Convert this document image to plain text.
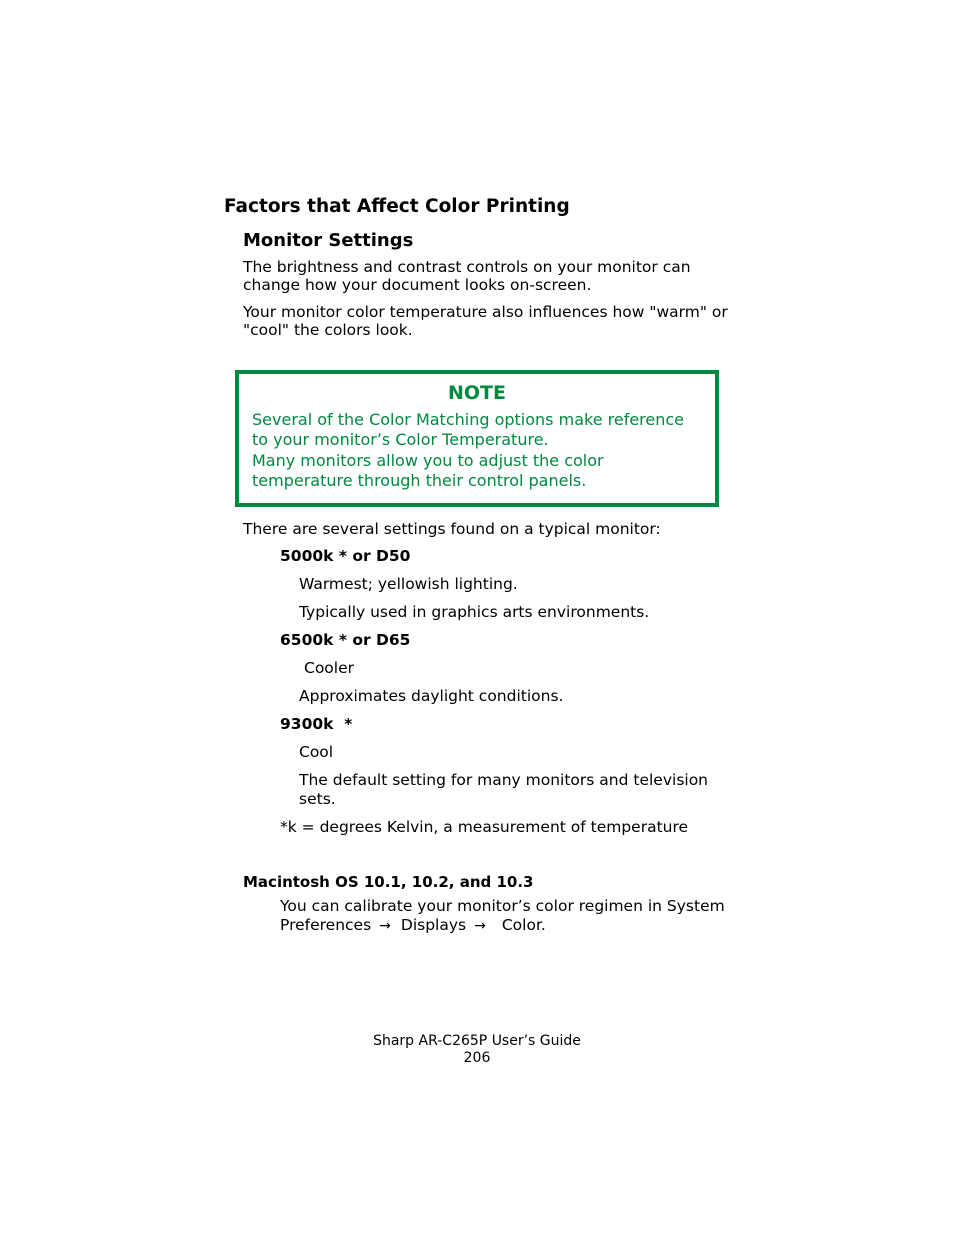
Factors that Affect Color Printing
Monitor Settings
The brightness and contrast controls on your monitor can
change how your document looks on-screen.
Your monitor color temperature also influences how "warm" or
"cool" the colors look.
NOTE
Several of the Color Matching options make reference
to your monitor’s Color Temperature.
Many monitors allow you to adjust the color
temperature through their control panels.
There are several settings found on a typical monitor:
5000k * or D50
Warmest; yellowish lighting.
Typically used in graphics arts environments.
6500k * or D65
Cooler
Approximates daylight conditions.
9300k  *
Cool
The default setting for many monitors and television
sets.
*k = degrees Kelvin, a measurement of temperature
Macintosh OS 10.1, 10.2, and 10.3
You can calibrate your monitor’s color regimen in System
Preferences → Displays → Color.
Sharp AR-C265P User’s Guide
206
